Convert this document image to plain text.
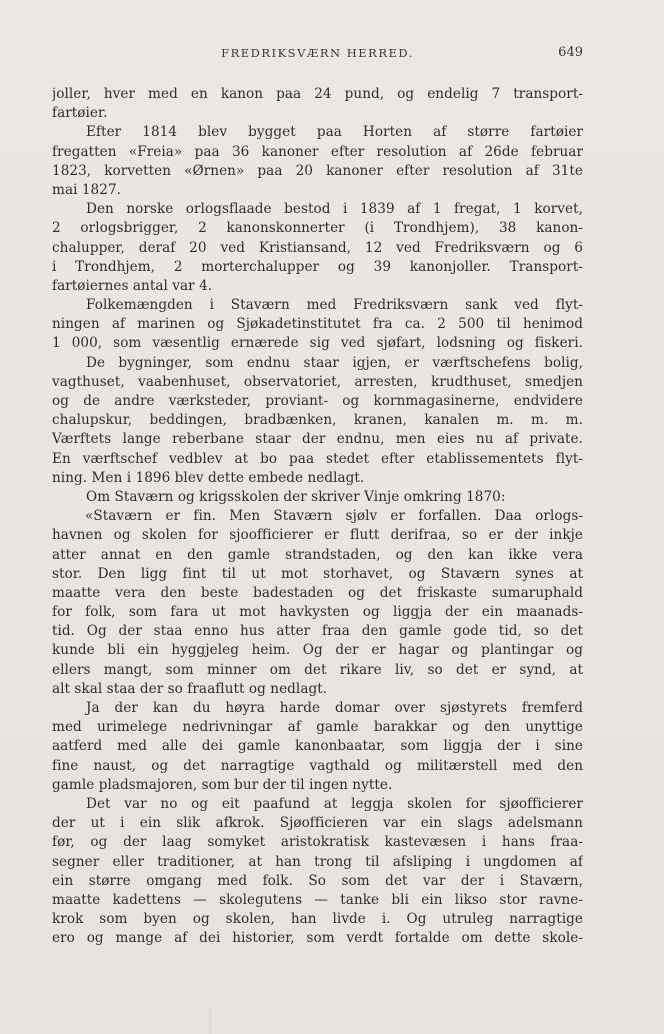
FREDRIKSVÆRN HERRED.	649
joller, hver med en kanon paa 24 pund, og endelig 7 transport-
fartøier.
Efter 1814 blev bygget paa Horten af større fartøier
fregatten «Freia» paa 36 kanoner efter resolution af 26de februar
1823, korvetten «Ørnen» paa 20 kanoner efter resolution af 31te
mai 1827.
Den norske orlogsflaade bestod i 1839 af 1 fregat, 1 korvet,
2 orlogsbrigger, 2 kanonskonnerter (i Trondhjem), 38 kanon-
chalupper, deraf 20 ved Kristiansand, 12 ved Fredriksværn og 6
i Trondhjem, 2 morterchalupper og 39 kanonjoller. Transport-
fartøiernes antal var 4.
Folkemængden i Staværn med Fredriksværn sank ved flyt-
ningen af marinen og Sjøkadetinstitutet fra ca. 2 500 til henimod
1 000, som væsentlig ernærede sig ved sjøfart, lodsning og fiskeri.
De bygninger, som endnu staar igjen, er værftschefens bolig,
vagthuset, vaabenhuset, observatoriet, arresten, krudthuset, smedjen
og de andre værksteder, proviant- og kornmagasinerne, endvidere
chalupskur, beddingen, bradbænken, kranen, kanalen m. m. m.
Værftets lange reberbane staar der endnu, men eies nu af private.
En værftschef vedblev at bo paa stedet efter etablissementets flyt-
ning. Men i 1896 blev dette embede nedlagt.
Om Staværn og krigsskolen der skriver Vinje omkring 1870:
«Staværn er fin. Men Staværn sjølv er forfallen. Daa orlogs-
havnen og skolen for sjoofficierer er flutt derifraa, so er der inkje
atter annat en den gamle strandstaden, og den kan ikke vera
stor. Den ligg fint til ut mot storhavet, og Staværn synes at
maatte vera den beste badestaden og det friskaste sumaruphald
for folk, som fara ut mot havkysten og liggja der ein maanads-
tid. Og der staa enno hus atter fraa den gamle gode tid, so det
kunde bli ein hyggjeleg heim. Og der er hagar og plantingar og
ellers mangt, som minner om det rikare liv, so det er synd, at
alt skal staa der so fraaflutt og nedlagt.
Ja der kan du høyra harde domar over sjøstyrets fremferd
med urimelege nedrivningar af gamle barakkar og den unyttige
aatferd med alle dei gamle kanonbaatar, som liggja der i sine
fine naust, og det narragtige vagthald og militærstell med den
gamle pladsmajoren, som bur der til ingen nytte.
Det var no og eit paafund at leggja skolen for sjøofficierer
der ut i ein slik afkrok. Sjøofficieren var ein slags adelsmann
før, og der laag somyket aristokratisk kastevæsen i hans fraa-
segner eller traditioner, at han trong til afsliping i ungdomen af
ein større omgang med folk. So som det var der i Staværn,
maatte kadettens — skolegutens — tanke bli ein likso stor ravne-
krok som byen og skolen, han livde i. Og utruleg narragtige
ero og mange af dei historier, som verdt fortalde om dette skole-
